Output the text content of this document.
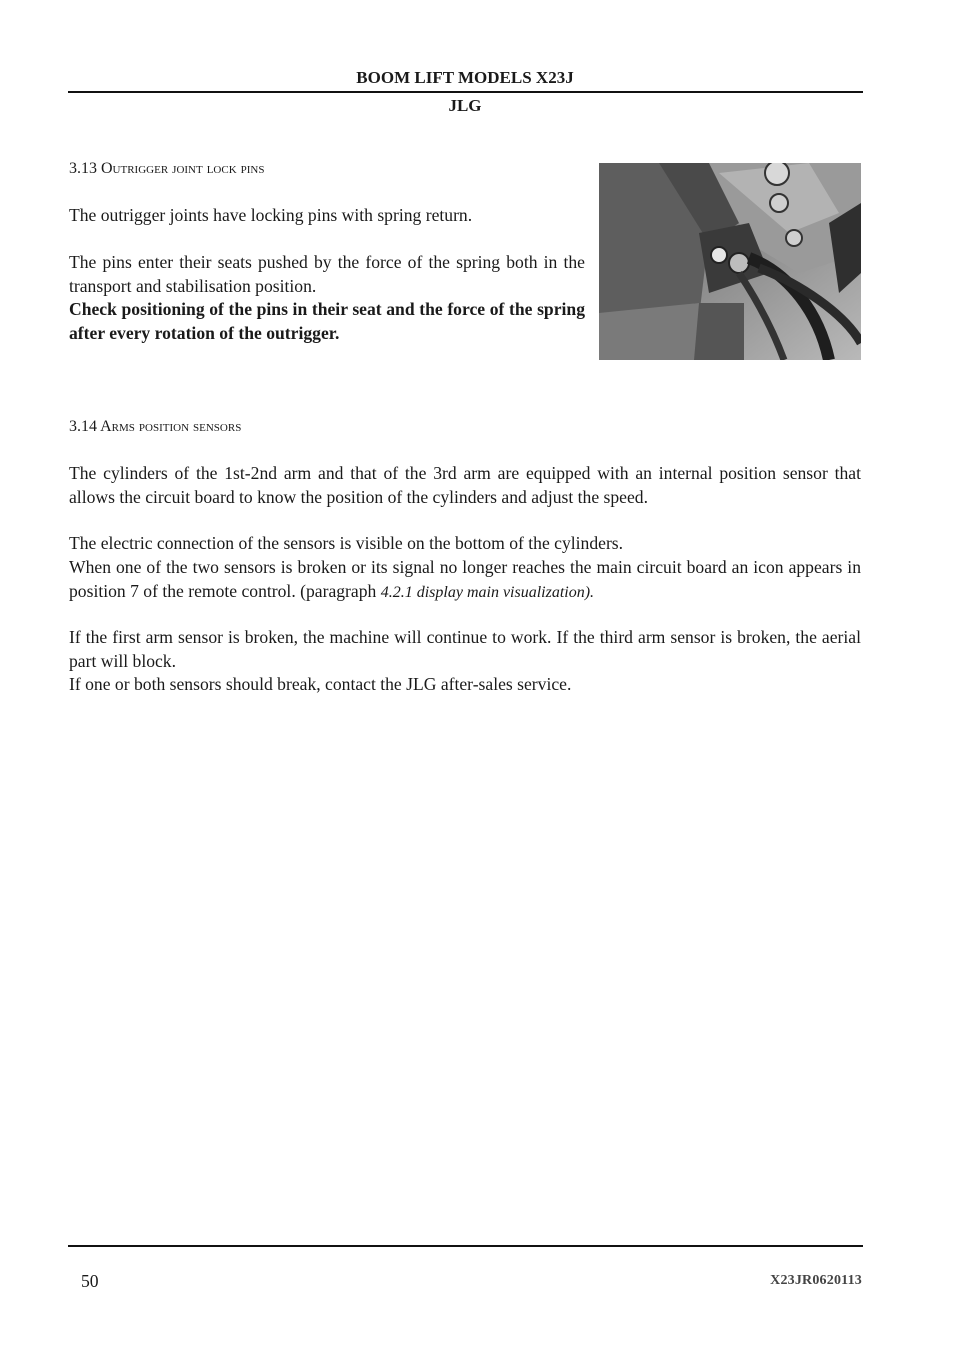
BOOM LIFT MODELS X23J
JLG
3.13 Outrigger joint lock pins

The outrigger joints have locking pins with spring return.

The pins enter their seats pushed by the force of the spring both in the transport and stabilisation position.

Check positioning of the pins in their seat and the force of the spring after every rotation of the outrigger.

3.14 Arms position sensors

The cylinders of the 1st-2nd arm and that of the 3rd arm are equipped with an internal position sensor that allows the circuit board to know the position of the cylinders and adjust the speed.

The electric connection of the sensors is visible on the bottom of the cylinders.

When one of the two sensors is broken or its signal no longer reaches the main circuit board an icon appears in position 7 of the remote control. (paragraph 4.2.1 display main visualization).

If the first arm sensor is broken, the machine will continue to work. If the third arm sensor is broken, the aerial part will block.

If one or both sensors should break, contact the JLG after-sales service.

50	X23JR0620113
